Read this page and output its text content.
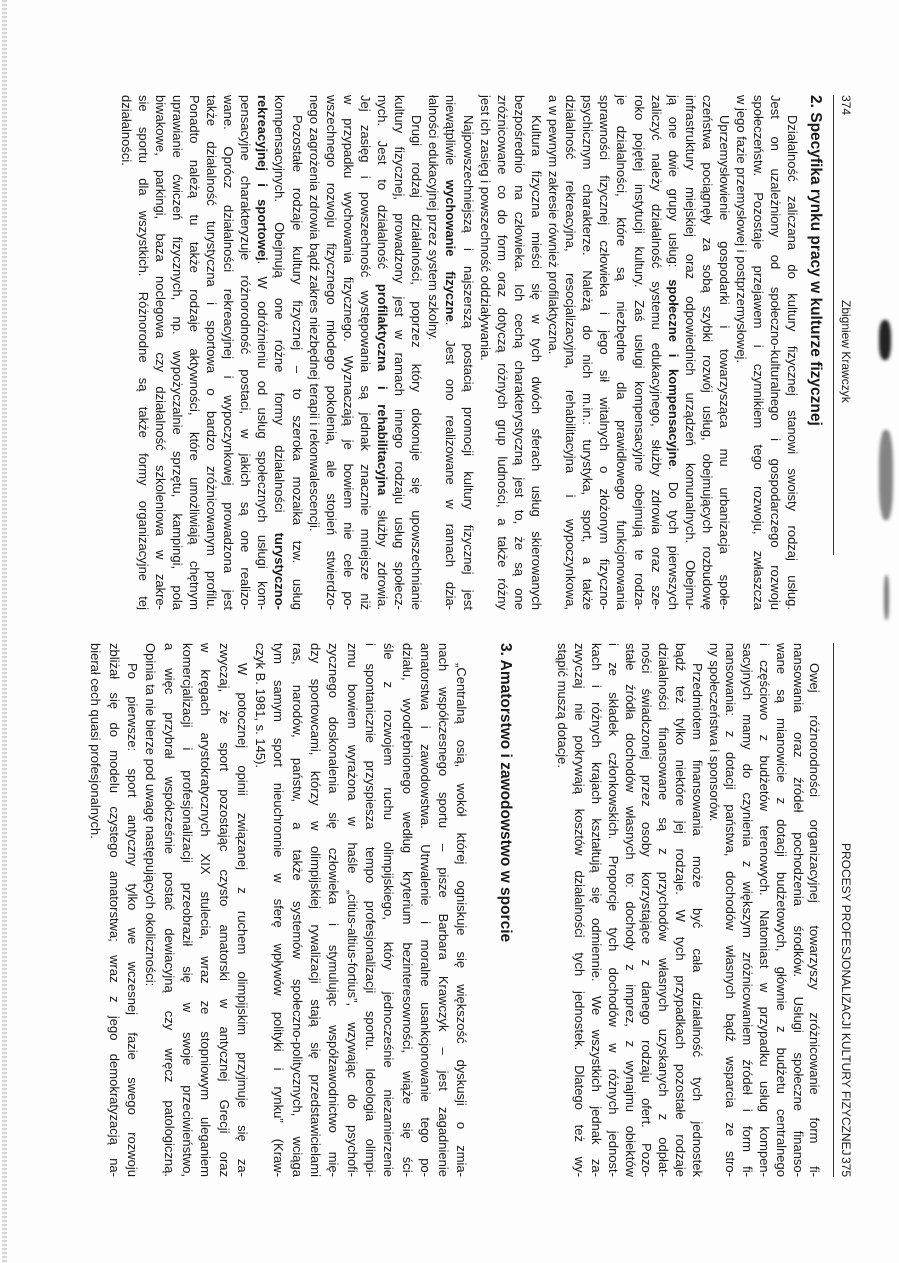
374
Zbigniew Krawczyk
2. Specyfika rynku pracy w kulturze fizycznej
Działalność zaliczana do kultury fizycznej stanowi swoisty rodzaj usług.
Jest on uzależniony od społeczno-kulturalnego i gospodarczego rozwoju
społeczeństw. Pozostaje przejawem i czynnikiem tego rozwoju, zwłaszcza
w jego fazie przemysłowej i postprzemysłowej.
Uprzemysłowienie gospodarki i towarzysząca mu urbanizacja społe-
czeństwa pociągnęły za sobą szybki rozwój usług, obejmujących rozbudowę
infrastruktury miejskiej oraz odpowiednich urządzeń komunalnych. Obejmu-
ją one dwie grupy usług: społeczne i kompensacyjne. Do tych pierwszych
zaliczyć należy działalność systemu edukacyjnego, służby zdrowia oraz sze-
roko pojętej instytucji kultury. Zaś usługi kompensacyjne obejmują te rodza-
je działalności, które są niezbędne dla prawidłowego funkcjonowania
sprawności fizycznej człowieka i jego sił witalnych o złożonym fizyczno-
psychicznym charakterze. Należą do nich m.in.: turystyka, sport, a także
działalność rekreacyjna, resocjalizacyjna, rehabilitacyjna i wypoczynkowa,
a w pewnym zakresie również profilaktyczna.
Kultura fizyczna mieści się w tych dwóch sferach usług skierowanych
bezpośrednio na człowieka. Ich cechą charakterystyczną jest to, że są one
zróżnicowane co do form oraz dotyczą różnych grup ludności, a także różny
jest ich zasięg i powszechność oddziaływania.
Najpowszechniejszą i najszerszą postacią promocji kultury fizycznej jest
niewątpliwie wychowanie fizyczne. Jest ono realizowane w ramach dzia-
łalności edukacyjnej przez system szkolny.
Drugi rodzaj działalności, poprzez który dokonuje się upowszechnianie
kultury fizycznej, prowadzony jest w ramach innego rodzaju usług społecz-
nych. Jest to działalność profilaktyczna i rehabilitacyjna służby zdrowia.
Jej zasięg i powszechność występowania są jednak znacznie mniejsze niż
w przypadku wychowania fizycznego. Wyznaczają je bowiem nie cele po-
wszechnego rozwoju fizycznego młodego pokolenia, ale stopień stwierdzo-
nego zagrożenia zdrowia bądź zakres niezbędnej terapii i rekonwalescencji.
Pozostałe rodzaje kultury fizycznej – to szeroka mozaika tzw. usług
kompensacyjnych. Obejmują one różne formy działalności turystyczno-
rekreacyjnej i sportowej. W odróżnieniu od usług społecznych usługi kom-
pensacyjne charakteryzuje różnorodność postaci, w jakich są one realizo-
wane. Oprócz działalności rekreacyjnej i wypoczynkowej prowadzona jest
także działalność turystyczna i sportowa o bardzo zróżnicowanym profilu.
Ponadto należą tu także rodzaje aktywności, które umożliwiają chętnym
uprawianie ćwiczeń fizycznych, np. wypożyczalnie sprzętu, kampingi, pola
biwakowe, parkingi, baza noclegowa czy działalność szkoleniowa w zakre-
sie sportu dla wszystkich. Różnorodne są także formy organizacyjne tej
działalności.
PROCESY PROFESJONALIZACJI KULTURY FIZYCZNEJ
375
Owej różnorodności organizacyjnej towarzyszy zróżnicowanie form fi-
nansowania oraz źródeł pochodzenia środków. Usługi społeczne finanso-
wane są mianowicie z dotacji budżetowych, głównie z budżetu centralnego
i częściowo z budżetów terenowych. Natomiast w przypadku usług kompen-
sacyjnych mamy do czynienia z większym zróżnicowaniem źródeł i form fi-
nansowania: z dotacji państwa, dochodów własnych bądź wsparcia ze stro-
ny społeczeństwa i sponsorów.
Przedmiotem finansowania może być cała działalność tych jednostek
bądź też tylko niektóre jej rodzaje. W tych przypadkach pozostałe rodzaje
działalności finansowane są z przychodów własnych uzyskanych z odpłat-
ności świadczonej przez osoby korzystające z danego rodzaju ofert. Pozo-
stałe źródła dochodów własnych to: dochody z imprez, z wynajmu obiektów
i ze składek członkowskich. Proporcje tych dochodów w różnych jednost-
kach i różnych krajach kształtują się odmiennie. We wszystkich jednak za-
zwyczaj nie pokrywają kosztów działalności tych jednostek. Dlatego też wy-
stąpić muszą dotacje.
3. Amatorstwo i zawodowstwo w sporcie
„Centralną osią, wokół której ogniskuje się większość dyskusji o zmia-
nach współczesnego sportu – pisze Barbara Krawczyk – jest zagadnienie
amatorstwa i zawodowstwa. Utrwalenie i moralne usankcjonowanie tego po-
działu, wyodrębnionego według kryterium bezinteresowności, wiąże się ści-
śle z rozwojem ruchu olimpijskiego, który jednocześnie niezamierzenie
i spontanicznie przyspiesza tempo profesjonalizacji sportu. Ideologia olimpi-
zmu bowiem wyrażona w haśle „citius-altius-fortius”, wzywając do psychofi-
zycznego doskonalenia się człowieka i stymulując współzawodnictwo mię-
dzy sportowcami, którzy w olimpijskiej rywalizacji stają się przedstawicielami
ras, narodów, państw, a także systemów społeczno-politycznych, wciąga
tym samym sport nieuchronnie w sferę wpływów polityki i rynku” (Kraw-
czyk B. 1981, s. 145).
W potocznej opinii związanej z ruchem olimpijskim przyjmuje się za-
zwyczaj, że sport pozostając czysto amatorski w antycznej Grecji oraz
w kręgach arystokratycznych XIX stulecia, wraz ze stopniowym uleganiem
komercjalizacji i profesjonalizacji przeobraził się w swoje przeciwieństwo,
a więc przybrał współcześnie postać dewiacyjną czy wręcz patologiczną.
Opinia ta nie bierze pod uwagę następujących okoliczności:
Po pierwsze: sport antyczny tylko we wczesnej fazie swego rozwoju
zbliżał się do modelu czystego amatorstwa; wraz z jego demokratyzacją na-
bierał cech quasi profesjonalnych.
